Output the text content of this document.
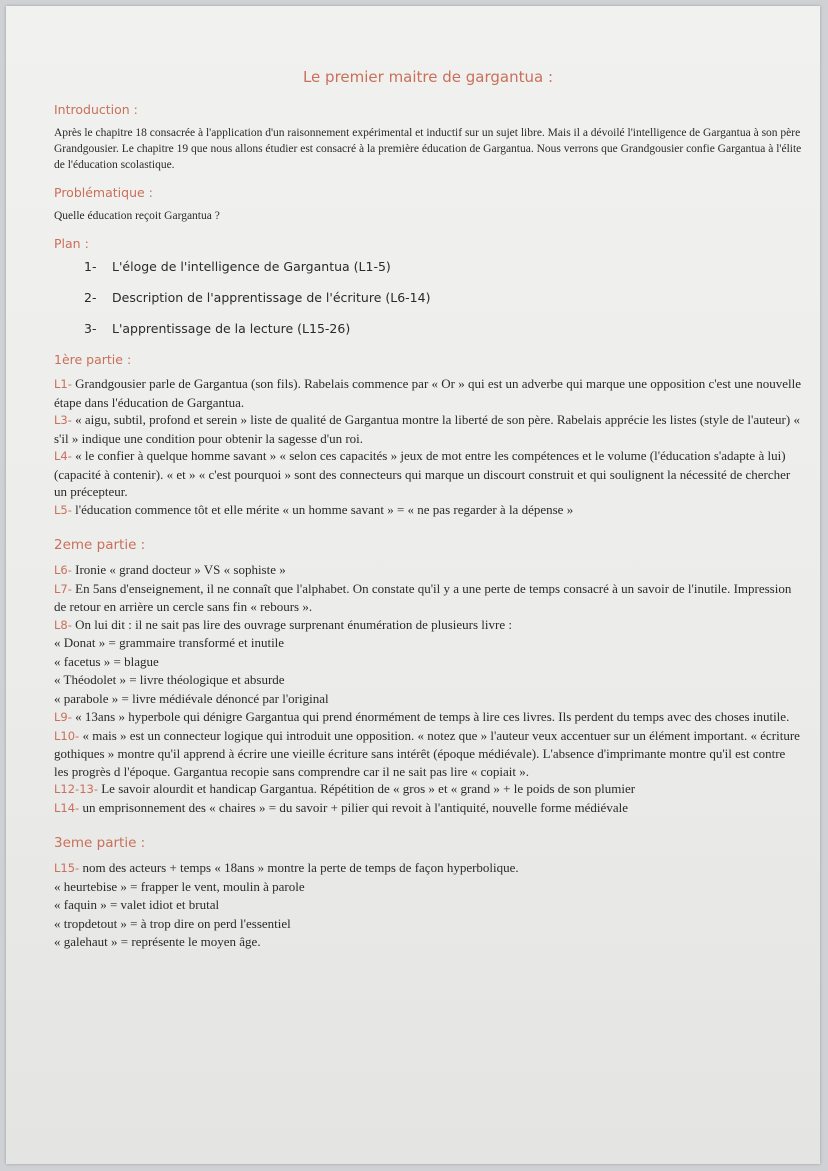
Le premier maitre de gargantua :
Introduction :

Après le chapitre 18 consacrée à l'application d'un raisonnement expérimental et inductif sur un sujet libre. Mais il a dévoilé l'intelligence de Gargantua à son père Grandgousier. Le chapitre 19 que nous allons étudier est consacré à la première éducation de Gargantua. Nous verrons que Grandgousier confie Gargantua à l'élite de l'éducation scolastique.

Problématique :

Quelle éducation reçoit Gargantua ?

Plan :
1- L'éloge de l'intelligence de Gargantua (L1-5)
2- Description de l'apprentissage de l'écriture (L6-14)
3- L'apprentissage de la lecture (L15-26)
1ère partie :
L1- Grandgousier parle de Gargantua (son fils). Rabelais commence par « Or » qui est un adverbe qui marque une opposition c'est une nouvelle étape dans l'éducation de Gargantua.
L3- « aigu, subtil, profond et serein » liste de qualité de Gargantua montre la liberté de son père. Rabelais apprécie les listes (style de l'auteur) « s'il » indique une condition pour obtenir la sagesse d'un roi.
L4- « le confier à quelque homme savant » « selon ces capacités » jeux de mot entre les compétences et le volume (l'éducation s'adapte à lui) (capacité à contenir). « et » « c'est pourquoi » sont des connecteurs qui marque un discourt construit et qui soulignent la nécessité de chercher un précepteur.
L5- l'éducation commence tôt et elle mérite « un homme savant » = « ne pas regarder à la dépense »
2eme partie :
L6- Ironie « grand docteur » VS « sophiste »
L7- En 5ans d'enseignement, il ne connaît que l'alphabet. On constate qu'il y a une perte de temps consacré à un savoir de l'inutile. Impression de retour en arrière un cercle sans fin « rebours ».
L8- On lui dit : il ne sait pas lire des ouvrage surprenant énumération de plusieurs livre :
« Donat » = grammaire transformé et inutile
« facetus » = blague
« Théodolet » = livre théologique et absurde
« parabole » = livre médiévale dénoncé par l'original
L9- « 13ans » hyperbole qui dénigre Gargantua qui prend énormément de temps à lire ces livres. Ils perdent du temps avec des choses inutile.
L10- « mais » est un connecteur logique qui introduit une opposition. « notez que » l'auteur veux accentuer sur un élément important. « écriture gothiques » montre qu'il apprend à écrire une vieille écriture sans intérêt (époque médiévale). L'absence d'imprimante montre qu'il est contre les progrès d l'époque. Gargantua recopie sans comprendre car il ne sait pas lire « copiait ».
L12-13- Le savoir alourdit et handicap Gargantua. Répétition de « gros » et « grand » + le poids de son plumier
L14- un emprisonnement des « chaires » = du savoir + pilier qui revoit à l'antiquité, nouvelle forme médiévale
3eme partie :
L15- nom des acteurs + temps « 18ans » montre la perte de temps de façon hyperbolique.
« heurtebise » = frapper le vent, moulin à parole
« faquin » = valet idiot et brutal
« tropdetout » = à trop dire on perd l'essentiel
« galehaut » = représente le moyen âge.
